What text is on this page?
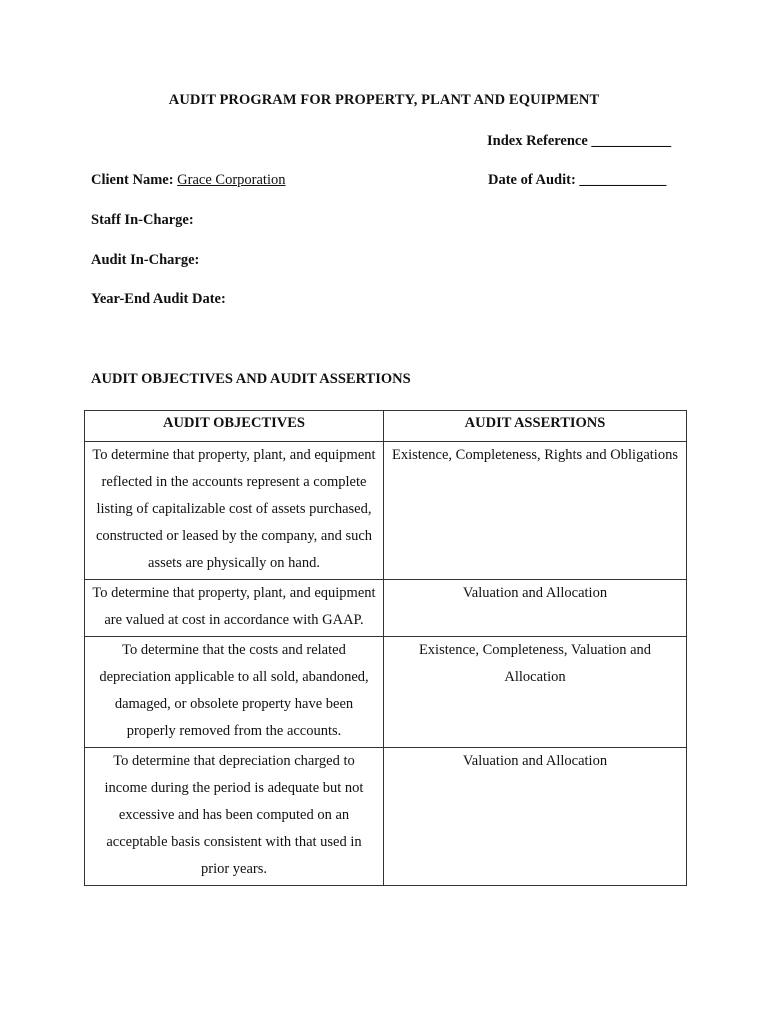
AUDIT PROGRAM FOR PROPERTY, PLANT AND EQUIPMENT
Index Reference ___________
Client Name: Grace Corporation	Date of Audit: ____________
Staff In-Charge:
Audit In-Charge:
Year-End Audit Date:
AUDIT OBJECTIVES AND AUDIT ASSERTIONS
AUDIT OBJECTIVES	AUDIT ASSERTIONS
To determine that property, plant, and equipment reflected in the accounts represent a complete listing of capitalizable cost of assets purchased, constructed or leased by the company, and such assets are physically on hand.	Existence, Completeness, Rights and Obligations
To determine that property, plant, and equipment are valued at cost in accordance with GAAP.	Valuation and Allocation
To determine that the costs and related depreciation applicable to all sold, abandoned, damaged, or obsolete property have been properly removed from the accounts.	Existence, Completeness, Valuation and Allocation
To determine that depreciation charged to income during the period is adequate but not excessive and has been computed on an acceptable basis consistent with that used in prior years.	Valuation and Allocation
